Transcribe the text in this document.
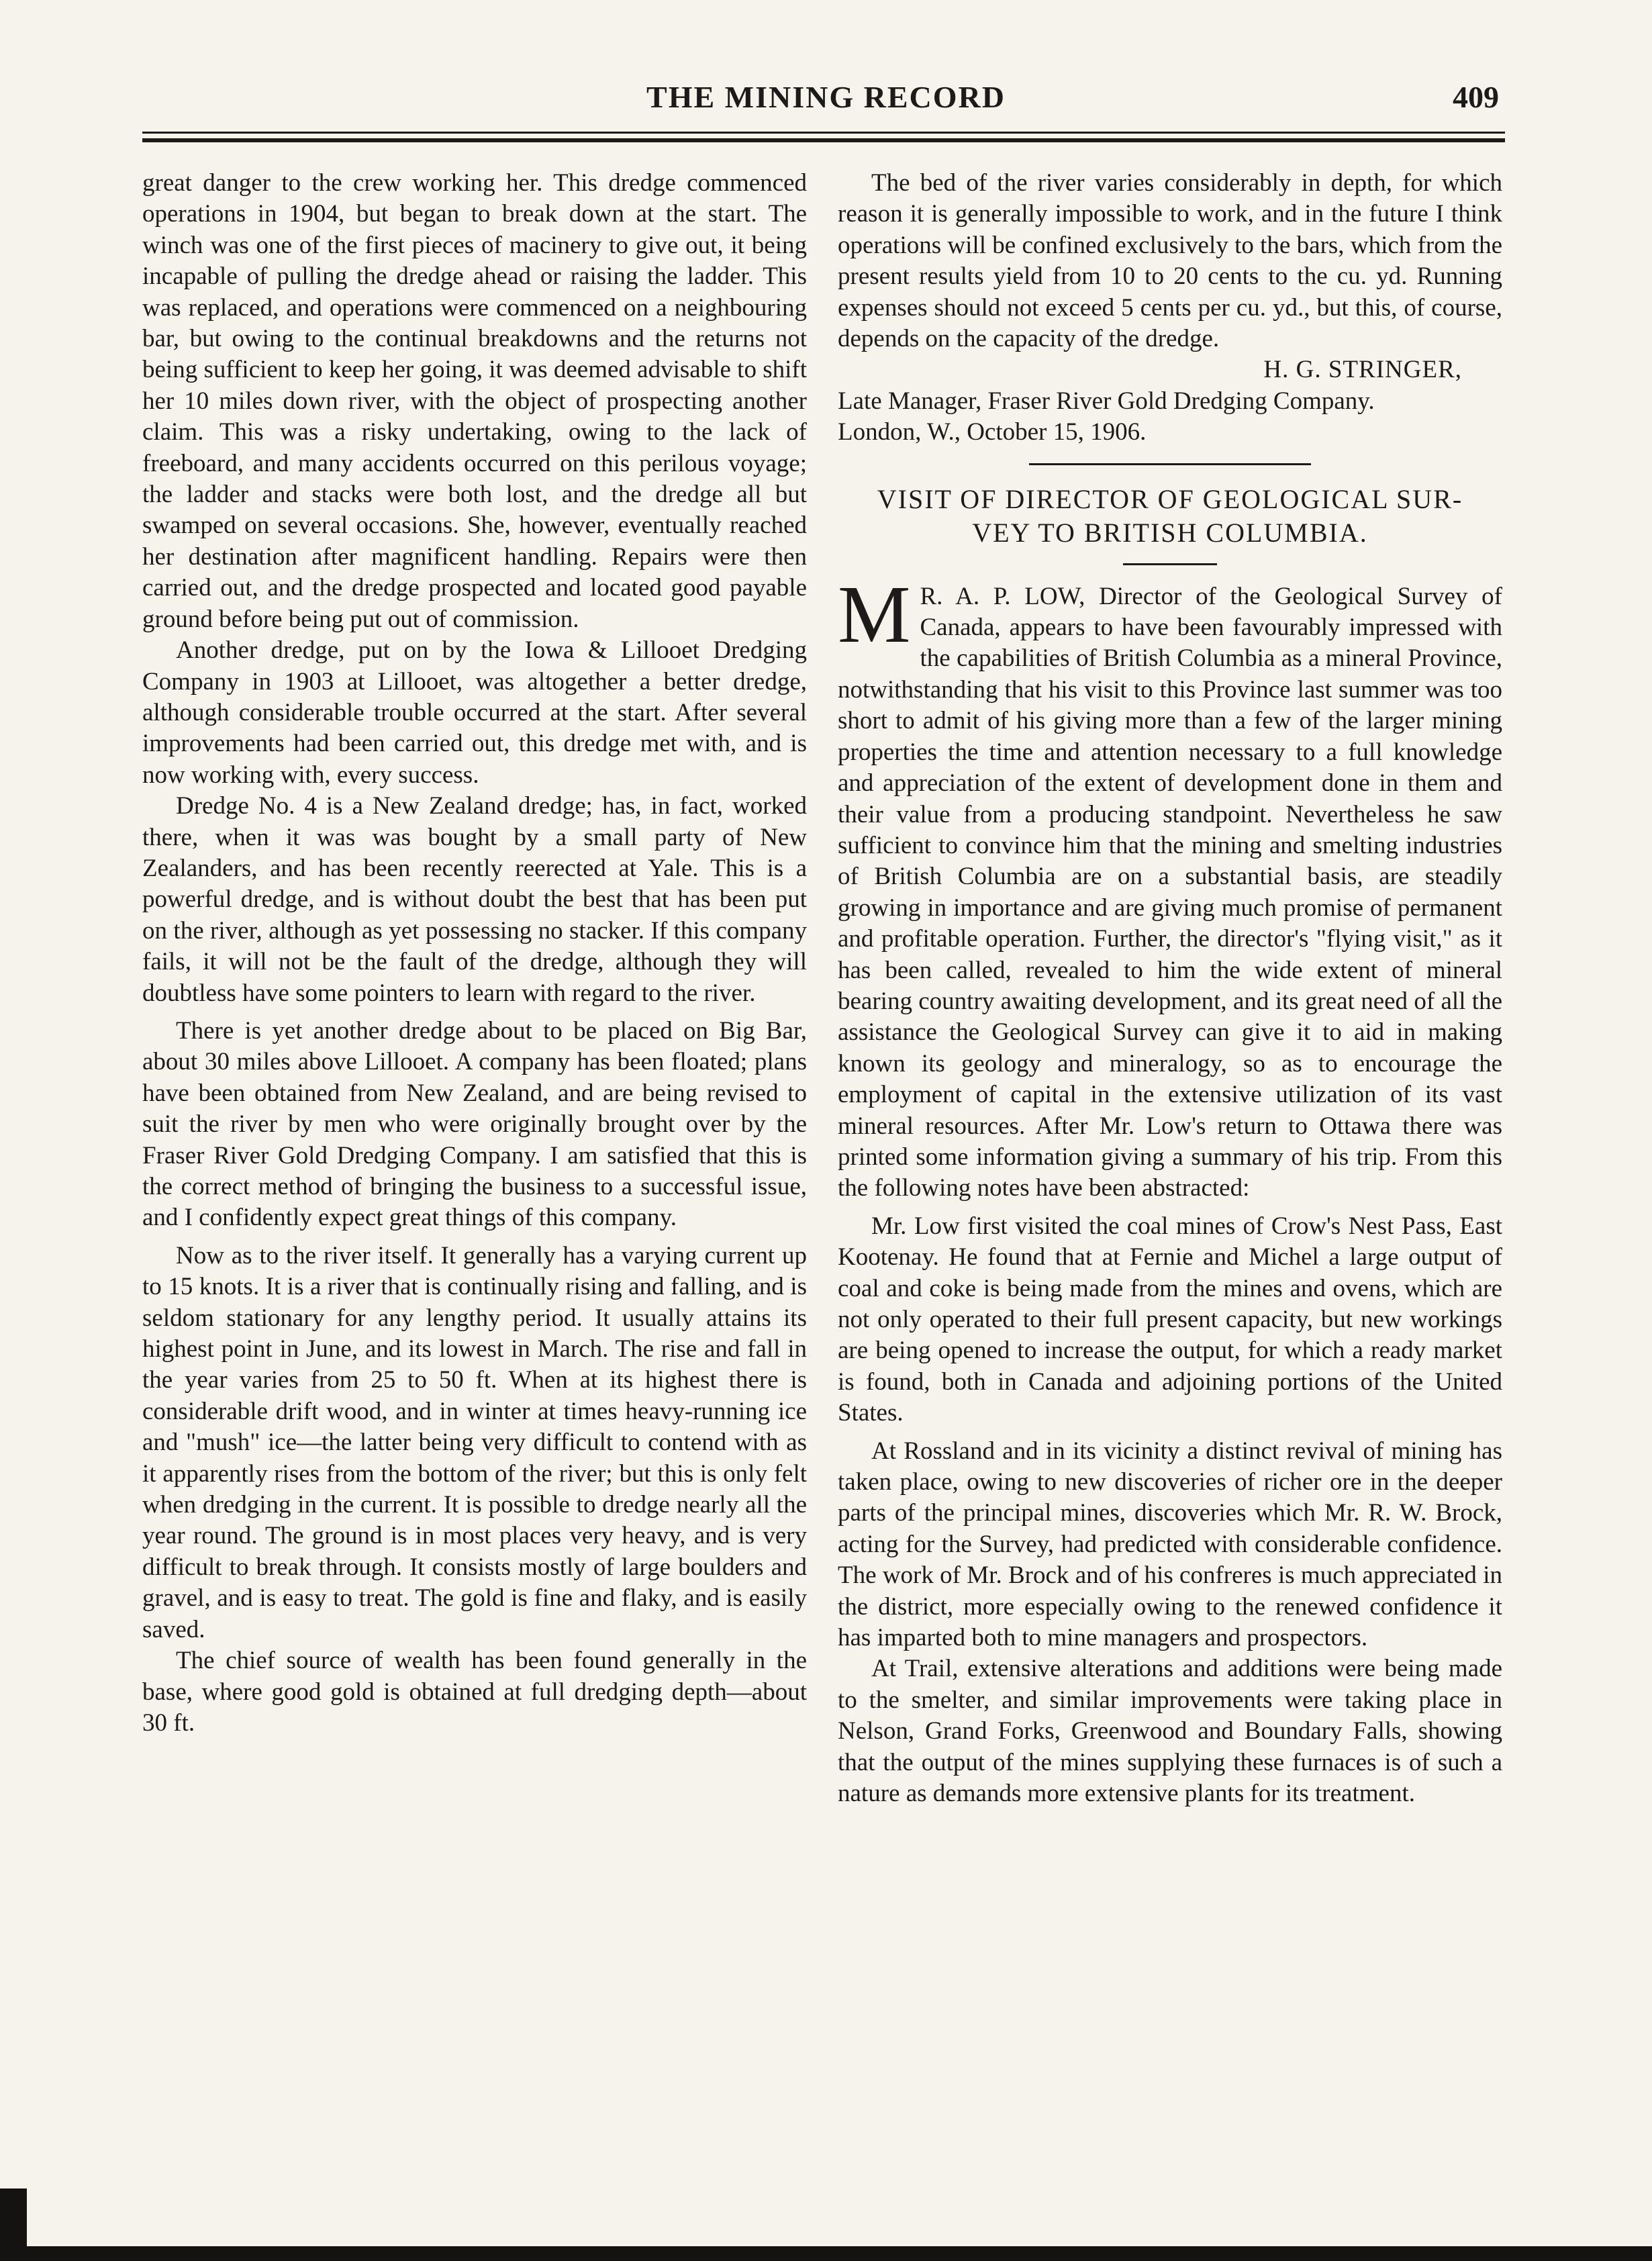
THE MINING RECORD	409

great danger to the crew working her. This dredge commenced operations in 1904, but began to break down at the start. The winch was one of the first pieces of macinery to give out, it being incapable of pulling the dredge ahead or raising the ladder. This was replaced, and operations were commenced on a neighbouring bar, but owing to the continual breakdowns and the returns not being sufficient to keep her going, it was deemed advisable to shift her 10 miles down river, with the object of prospecting another claim. This was a risky undertaking, owing to the lack of freeboard, and many accidents occurred on this perilous voyage; the ladder and stacks were both lost, and the dredge all but swamped on several occasions. She, however, eventually reached her destination after magnificent handling. Repairs were then carried out, and the dredge prospected and located good payable ground before being put out of commission.

Another dredge, put on by the Iowa & Lillooet Dredging Company in 1903 at Lillooet, was altogether a better dredge, although considerable trouble occurred at the start. After several improvements had been carried out, this dredge met with, and is now working with, every success.

Dredge No. 4 is a New Zealand dredge; has, in fact, worked there, when it was was bought by a small party of New Zealanders, and has been recently reerected at Yale. This is a powerful dredge, and is without doubt the best that has been put on the river, although as yet possessing no stacker. If this company fails, it will not be the fault of the dredge, although they will doubtless have some pointers to learn with regard to the river.

There is yet another dredge about to be placed on Big Bar, about 30 miles above Lillooet. A company has been floated; plans have been obtained from New Zealand, and are being revised to suit the river by men who were originally brought over by the Fraser River Gold Dredging Company. I am satisfied that this is the correct method of bringing the business to a successful issue, and I confidently expect great things of this company.

Now as to the river itself. It generally has a varying current up to 15 knots. It is a river that is continually rising and falling, and is seldom stationary for any lengthy period. It usually attains its highest point in June, and its lowest in March. The rise and fall in the year varies from 25 to 50 ft. When at its highest there is considerable drift wood, and in winter at times heavy-running ice and "mush" ice—the latter being very difficult to contend with as it apparently rises from the bottom of the river; but this is only felt when dredging in the current. It is possible to dredge nearly all the year round. The ground is in most places very heavy, and is very difficult to break through. It consists mostly of large boulders and gravel, and is easy to treat. The gold is fine and flaky, and is easily saved.

The chief source of wealth has been found generally in the base, where good gold is obtained at full dredging depth—about 30 ft.

The bed of the river varies considerably in depth, for which reason it is generally impossible to work, and in the future I think operations will be confined exclusively to the bars, which from the present results yield from 10 to 20 cents to the cu. yd. Running expenses should not exceed 5 cents per cu. yd., but this, of course, depends on the capacity of the dredge.

H. G. STRINGER,

Late Manager, Fraser River Gold Dredging Company.

London, W., October 15, 1906.

VISIT OF DIRECTOR OF GEOLOGICAL SUR-
VEY TO BRITISH COLUMBIA.

M R. A. P. LOW, Director of the Geological Survey of Canada, appears to have been favourably impressed with the capabilities of British Columbia as a mineral Province, notwithstanding that his visit to this Province last summer was too short to admit of his giving more than a few of the larger mining properties the time and attention necessary to a full knowledge and appreciation of the extent of development done in them and their value from a producing standpoint. Nevertheless he saw sufficient to convince him that the mining and smelting industries of British Columbia are on a substantial basis, are steadily growing in importance and are giving much promise of permanent and profitable operation. Further, the director's "flying visit," as it has been called, revealed to him the wide extent of mineral bearing country awaiting development, and its great need of all the assistance the Geological Survey can give it to aid in making known its geology and mineralogy, so as to encourage the employment of capital in the extensive utilization of its vast mineral resources. After Mr. Low's return to Ottawa there was printed some information giving a summary of his trip. From this the following notes have been abstracted:

Mr. Low first visited the coal mines of Crow's Nest Pass, East Kootenay. He found that at Fernie and Michel a large output of coal and coke is being made from the mines and ovens, which are not only operated to their full present capacity, but new workings are being opened to increase the output, for which a ready market is found, both in Canada and adjoining portions of the United States.

At Rossland and in its vicinity a distinct revival of mining has taken place, owing to new discoveries of richer ore in the deeper parts of the principal mines, discoveries which Mr. R. W. Brock, acting for the Survey, had predicted with considerable confidence. The work of Mr. Brock and of his confreres is much appreciated in the district, more especially owing to the renewed confidence it has imparted both to mine managers and prospectors.

At Trail, extensive alterations and additions were being made to the smelter, and similar improvements were taking place in Nelson, Grand Forks, Greenwood and Boundary Falls, showing that the output of the mines supplying these furnaces is of such a nature as demands more extensive plants for its treatment.
